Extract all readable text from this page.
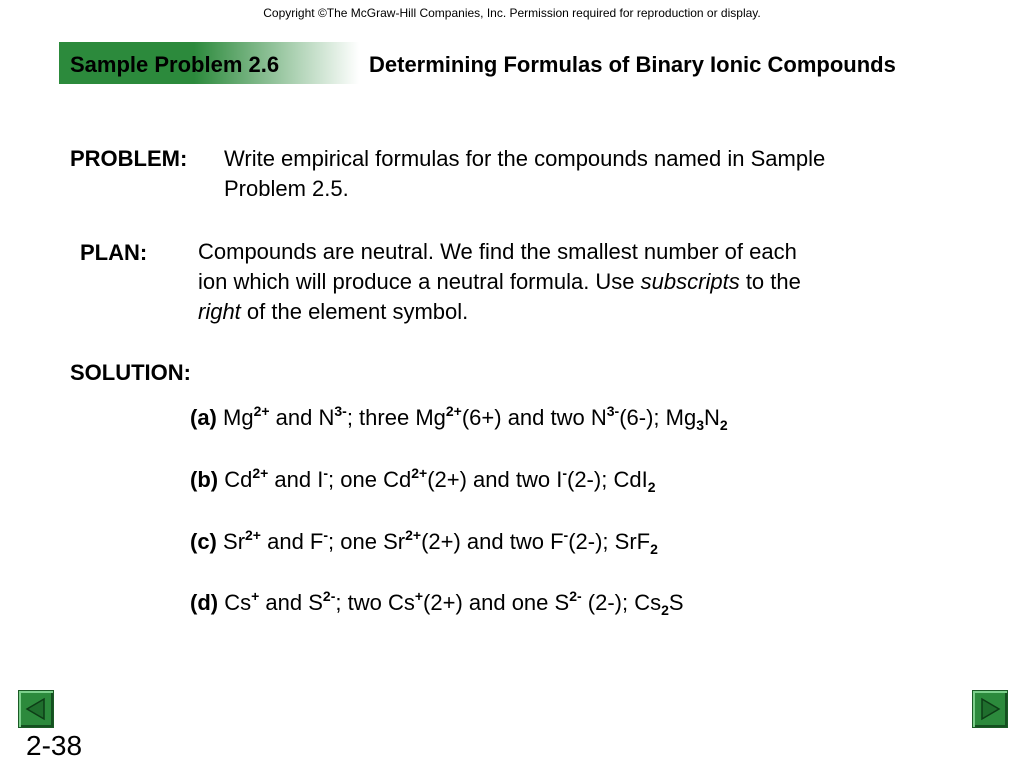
Copyright ©The McGraw-Hill Companies, Inc. Permission required for reproduction or display.
Sample Problem 2.6	Determining Formulas of Binary Ionic Compounds
PROBLEM: Write empirical formulas for the compounds named in Sample
Problem 2.5.
PLAN: Compounds are neutral. We find the smallest number of each
ion which will produce a neutral formula. Use subscripts to the
right of the element symbol.
SOLUTION:
(a) $Mg^{2+}$ and $N^{3-}$; three $Mg^{2+}(6+)$ and two $N^{3-}(6-)$; $Mg_3N_2$
(b) $Cd^{2+}$ and I-; one $Cd^{2+}(2+)$ and two I-(2-); CdI$_2$
(c) $Sr^{2+}$ and F-; one $Sr^{2+}(2+)$ and two F-(2-); SrF$_2$
(d) Cs+ and $S^{2-}$; two Cs+(2+) and one $S^{2-}$ (2-); $Cs_2S$
2-38
